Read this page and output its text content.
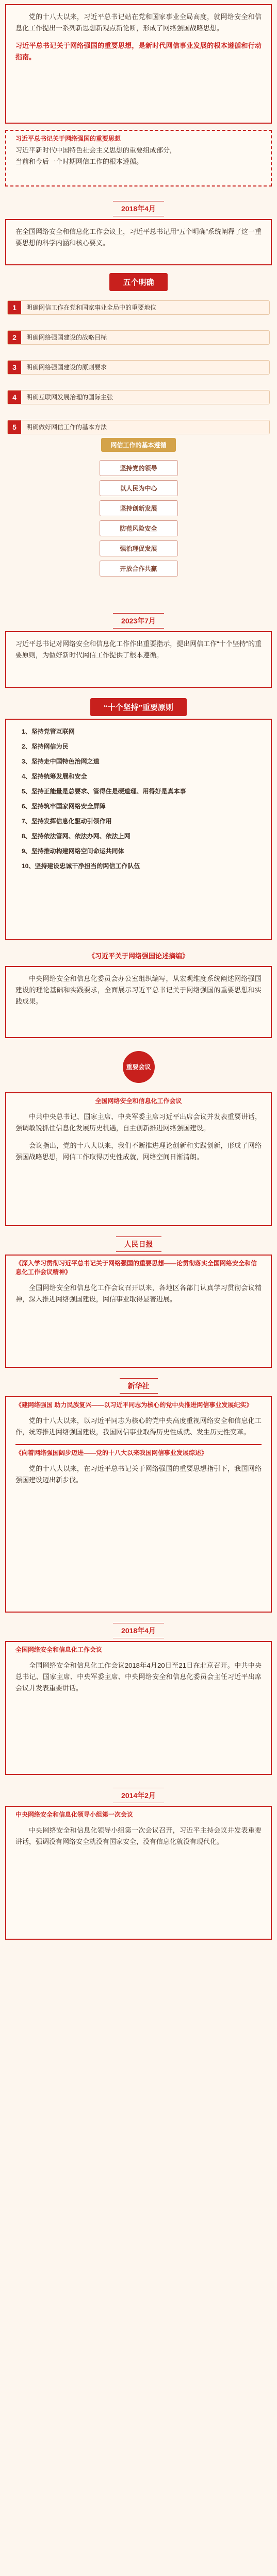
党的十八大以来，习近平总书记站在党和国家事业全局高度，就网络安全和信息化工作提出一系列新思想新观点新论断，形成了网络强国战略思想。
习近平总书记关于网络强国的重要思想，是新时代网信事业发展的根本遵循和行动指南。
习近平总书记关于网络强国的重要思想
习近平新时代中国特色社会主义思想的重要组成部分，
当前和今后一个时期网信工作的根本遵循。
2018年4月
在全国网络安全和信息化工作会议上，习近平总书记用“五个明确”系统阐释了这一重要思想的科学内涵和核心要义。
五个明确
1	明确网信工作在党和国家事业全局中的重要地位
2	明确网络强国建设的战略目标
3	明确网络强国建设的原则要求
4	明确互联网发展治理的国际主张
5	明确做好网信工作的基本方法
网信工作的基本遵循
坚持党的领导
以人民为中心
坚持创新发展
防范风险安全
强治理促发展
开放合作共赢
2023年7月
习近平总书记对网络安全和信息化工作作出重要指示，提出网信工作“十个坚持”的重要原则，为做好新时代网信工作提供了根本遵循。
“十个坚持”重要原则
1、坚持党管互联网
2、坚持网信为民
3、坚持走中国特色治网之道
4、坚持统筹发展和安全
5、坚持正能量是总要求、管得住是硬道理、用得好是真本事
6、坚持筑牢国家网络安全屏障
7、坚持发挥信息化驱动引领作用
8、坚持依法管网、依法办网、依法上网
9、坚持推动构建网络空间命运共同体
10、坚持建设忠诚干净担当的网信工作队伍
《习近平关于网络强国论述摘编》
中央网络安全和信息化委员会办公室组织编写，从宏观维度系统阐述网络强国建设的理论基础和实践要求，全面展示习近平总书记关于网络强国的重要思想和实践成果。
重要会议
全国网络安全和信息化工作会议
中共中央总书记、国家主席、中央军委主席习近平出席会议并发表重要讲话，强调敏锐抓住信息化发展历史机遇，自主创新推进网络强国建设。
会议指出，党的十八大以来，我们不断推进理论创新和实践创新，形成了网络强国战略思想，网信工作取得历史性成就，网络空间日渐清朗。
人民日报
《深入学习贯彻习近平总书记关于网络强国的重要思想——论贯彻落实全国网络安全和信息化工作会议精神》
全国网络安全和信息化工作会议召开以来，各地区各部门认真学习贯彻会议精神，深入推进网络强国建设，网信事业取得显著进展。
新华社
《建网络强国 助力民族复兴——以习近平同志为核心的党中央推进网信事业发展纪实》
党的十八大以来，以习近平同志为核心的党中央高度重视网络安全和信息化工作，统筹推进网络强国建设，我国网信事业取得历史性成就、发生历史性变革。
《向着网络强国阔步迈进——党的十八大以来我国网信事业发展综述》
党的十八大以来，在习近平总书记关于网络强国的重要思想指引下，我国网络强国建设迈出新步伐。
2018年4月
全国网络安全和信息化工作会议
全国网络安全和信息化工作会议2018年4月20日至21日在北京召开。中共中央总书记、国家主席、中央军委主席、中央网络安全和信息化委员会主任习近平出席会议并发表重要讲话。
2014年2月
中央网络安全和信息化领导小组第一次会议
中央网络安全和信息化领导小组第一次会议召开，习近平主持会议并发表重要讲话，强调没有网络安全就没有国家安全，没有信息化就没有现代化。
